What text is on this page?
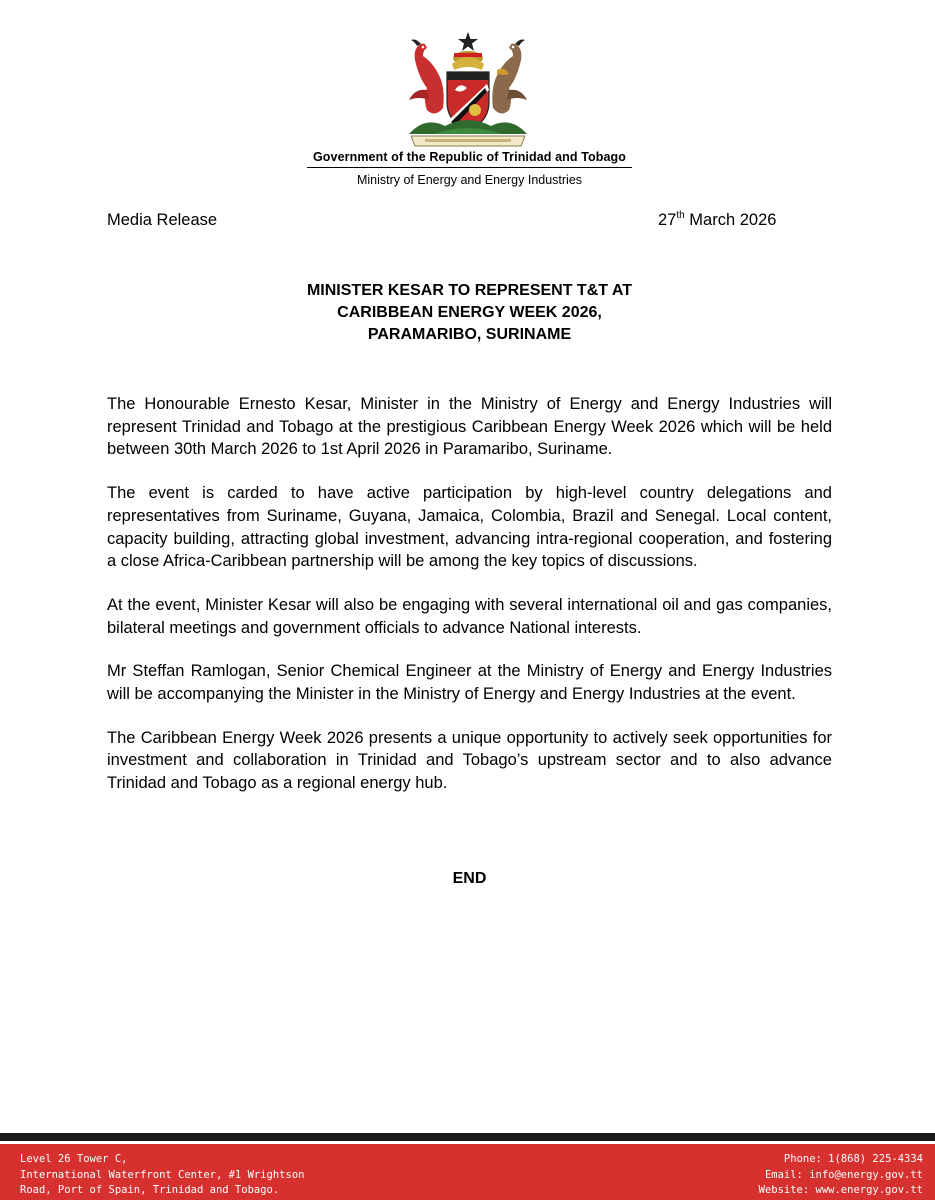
Government of the Republic of Trinidad and Tobago
Ministry of Energy and Energy Industries
Media Release	27th March 2026
MINISTER KESAR TO REPRESENT T&T AT
CARIBBEAN ENERGY WEEK 2026,
PARAMARIBO, SURINAME

The Honourable Ernesto Kesar, Minister in the Ministry of Energy and Energy Industries will represent Trinidad and Tobago at the prestigious Caribbean Energy Week 2026 which will be held between 30th March 2026 to 1st April 2026 in Paramaribo, Suriname.

The event is carded to have active participation by high-level country delegations and representatives from Suriname, Guyana, Jamaica, Colombia, Brazil and Senegal. Local content, capacity building, attracting global investment, advancing intra-regional cooperation, and fostering a close Africa-Caribbean partnership will be among the key topics of discussions.

At the event, Minister Kesar will also be engaging with several international oil and gas companies, bilateral meetings and government officials to advance National interests.

Mr Steffan Ramlogan, Senior Chemical Engineer at the Ministry of Energy and Energy Industries will be accompanying the Minister in the Ministry of Energy and Energy Industries at the event.

The Caribbean Energy Week 2026 presents a unique opportunity to actively seek opportunities for investment and collaboration in Trinidad and Tobago’s upstream sector and to also advance Trinidad and Tobago as a regional energy hub.

END
Level 26 Tower C,
International Waterfront Center, #1 Wrightson
Road, Port of Spain, Trinidad and Tobago.
Phone: 1(868) 225-4334
Email: info@energy.gov.tt
Website: www.energy.gov.tt
